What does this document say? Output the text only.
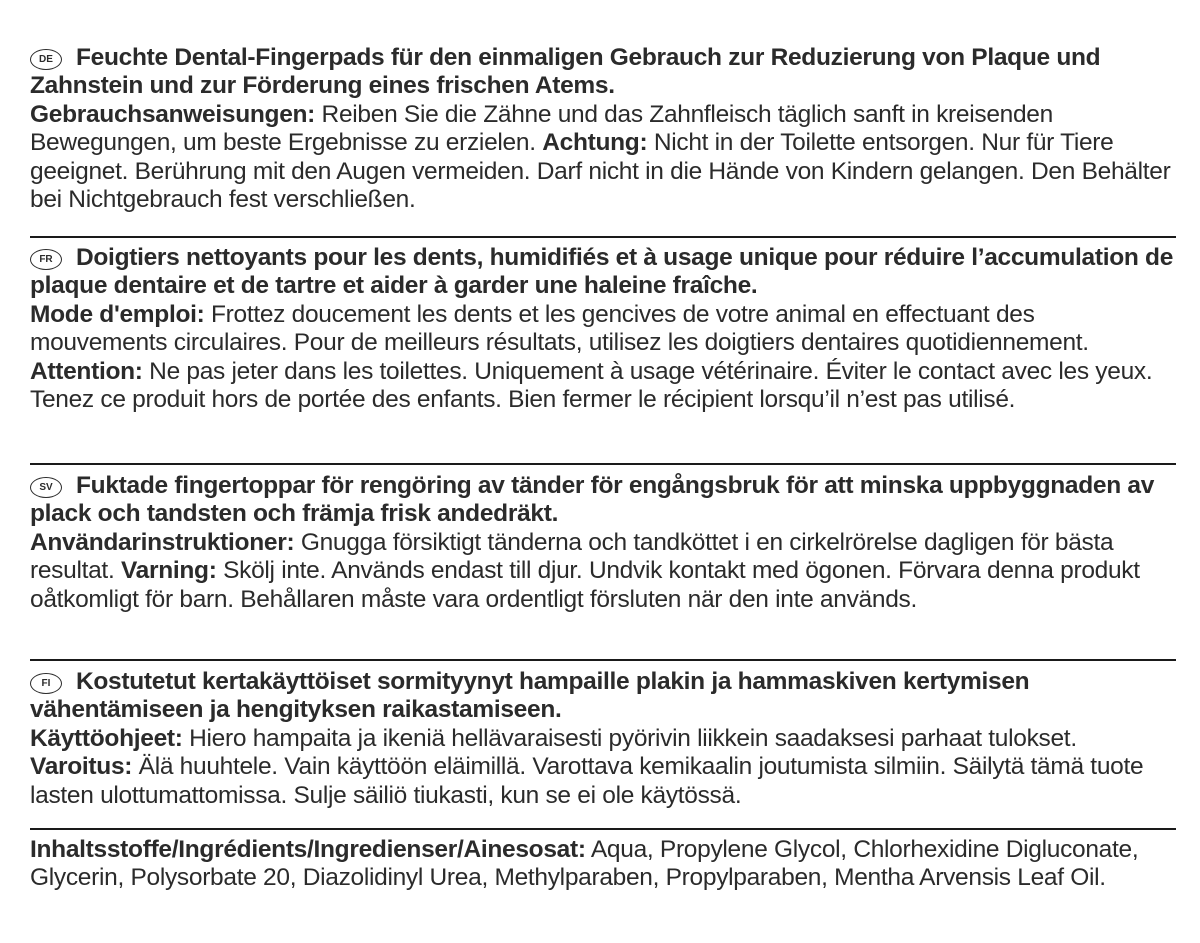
DE Feuchte Dental-Fingerpads für den einmaligen Gebrauch zur Reduzierung von Plaque und Zahnstein und zur Förderung eines frischen Atems.
Gebrauchsanweisungen: Reiben Sie die Zähne und das Zahnfleisch täglich sanft in kreisenden Bewegungen, um beste Ergebnisse zu erzielen. Achtung: Nicht in der Toilette entsorgen. Nur für Tiere geeignet. Berührung mit den Augen vermeiden. Darf nicht in die Hände von Kindern gelangen. Den Behälter bei Nichtgebrauch fest verschließen.
FR Doigtiers nettoyants pour les dents, humidifiés et à usage unique pour réduire l’accumulation de plaque dentaire et de tartre et aider à garder une haleine fraîche.
Mode d'emploi: Frottez doucement les dents et les gencives de votre animal en effectuant des mouvements circulaires. Pour de meilleurs résultats, utilisez les doigtiers dentaires quotidiennement. Attention: Ne pas jeter dans les toilettes. Uniquement à usage vétérinaire. Éviter le contact avec les yeux. Tenez ce produit hors de portée des enfants. Bien fermer le récipient lorsqu’il n’est pas utilisé.
SV Fuktade fingertoppar för rengöring av tänder för engångsbruk för att minska uppbyggnaden av plack och tandsten och främja frisk andedräkt.
Användarinstruktioner: Gnugga försiktigt tänderna och tandköttet i en cirkelrörelse dagligen för bästa resultat. Varning: Skölj inte. Används endast till djur. Undvik kontakt med ögonen. Förvara denna produkt oåtkomligt för barn. Behållaren måste vara ordentligt försluten när den inte används.
FI Kostutetut kertakäyttöiset sormityynyt hampaille plakin ja hammaskiven kertymisen vähentämiseen ja hengityksen raikastamiseen.
Käyttöohjeet: Hiero hampaita ja ikeniä hellävaraisesti pyörivin liikkein saadaksesi parhaat tulokset. Varoitus: Älä huuhtele. Vain käyttöön eläimillä. Varottava kemikaalin joutumista silmiin. Säilytä tämä tuote lasten ulottumattomissa. Sulje säiliö tiukasti, kun se ei ole käytössä.
Inhaltsstoffe/Ingrédients/Ingredienser/Ainesosat: Aqua, Propylene Glycol, Chlorhexidine Digluconate, Glycerin, Polysorbate 20, Diazolidinyl Urea, Methylparaben, Propylparaben, Mentha Arvensis Leaf Oil.
